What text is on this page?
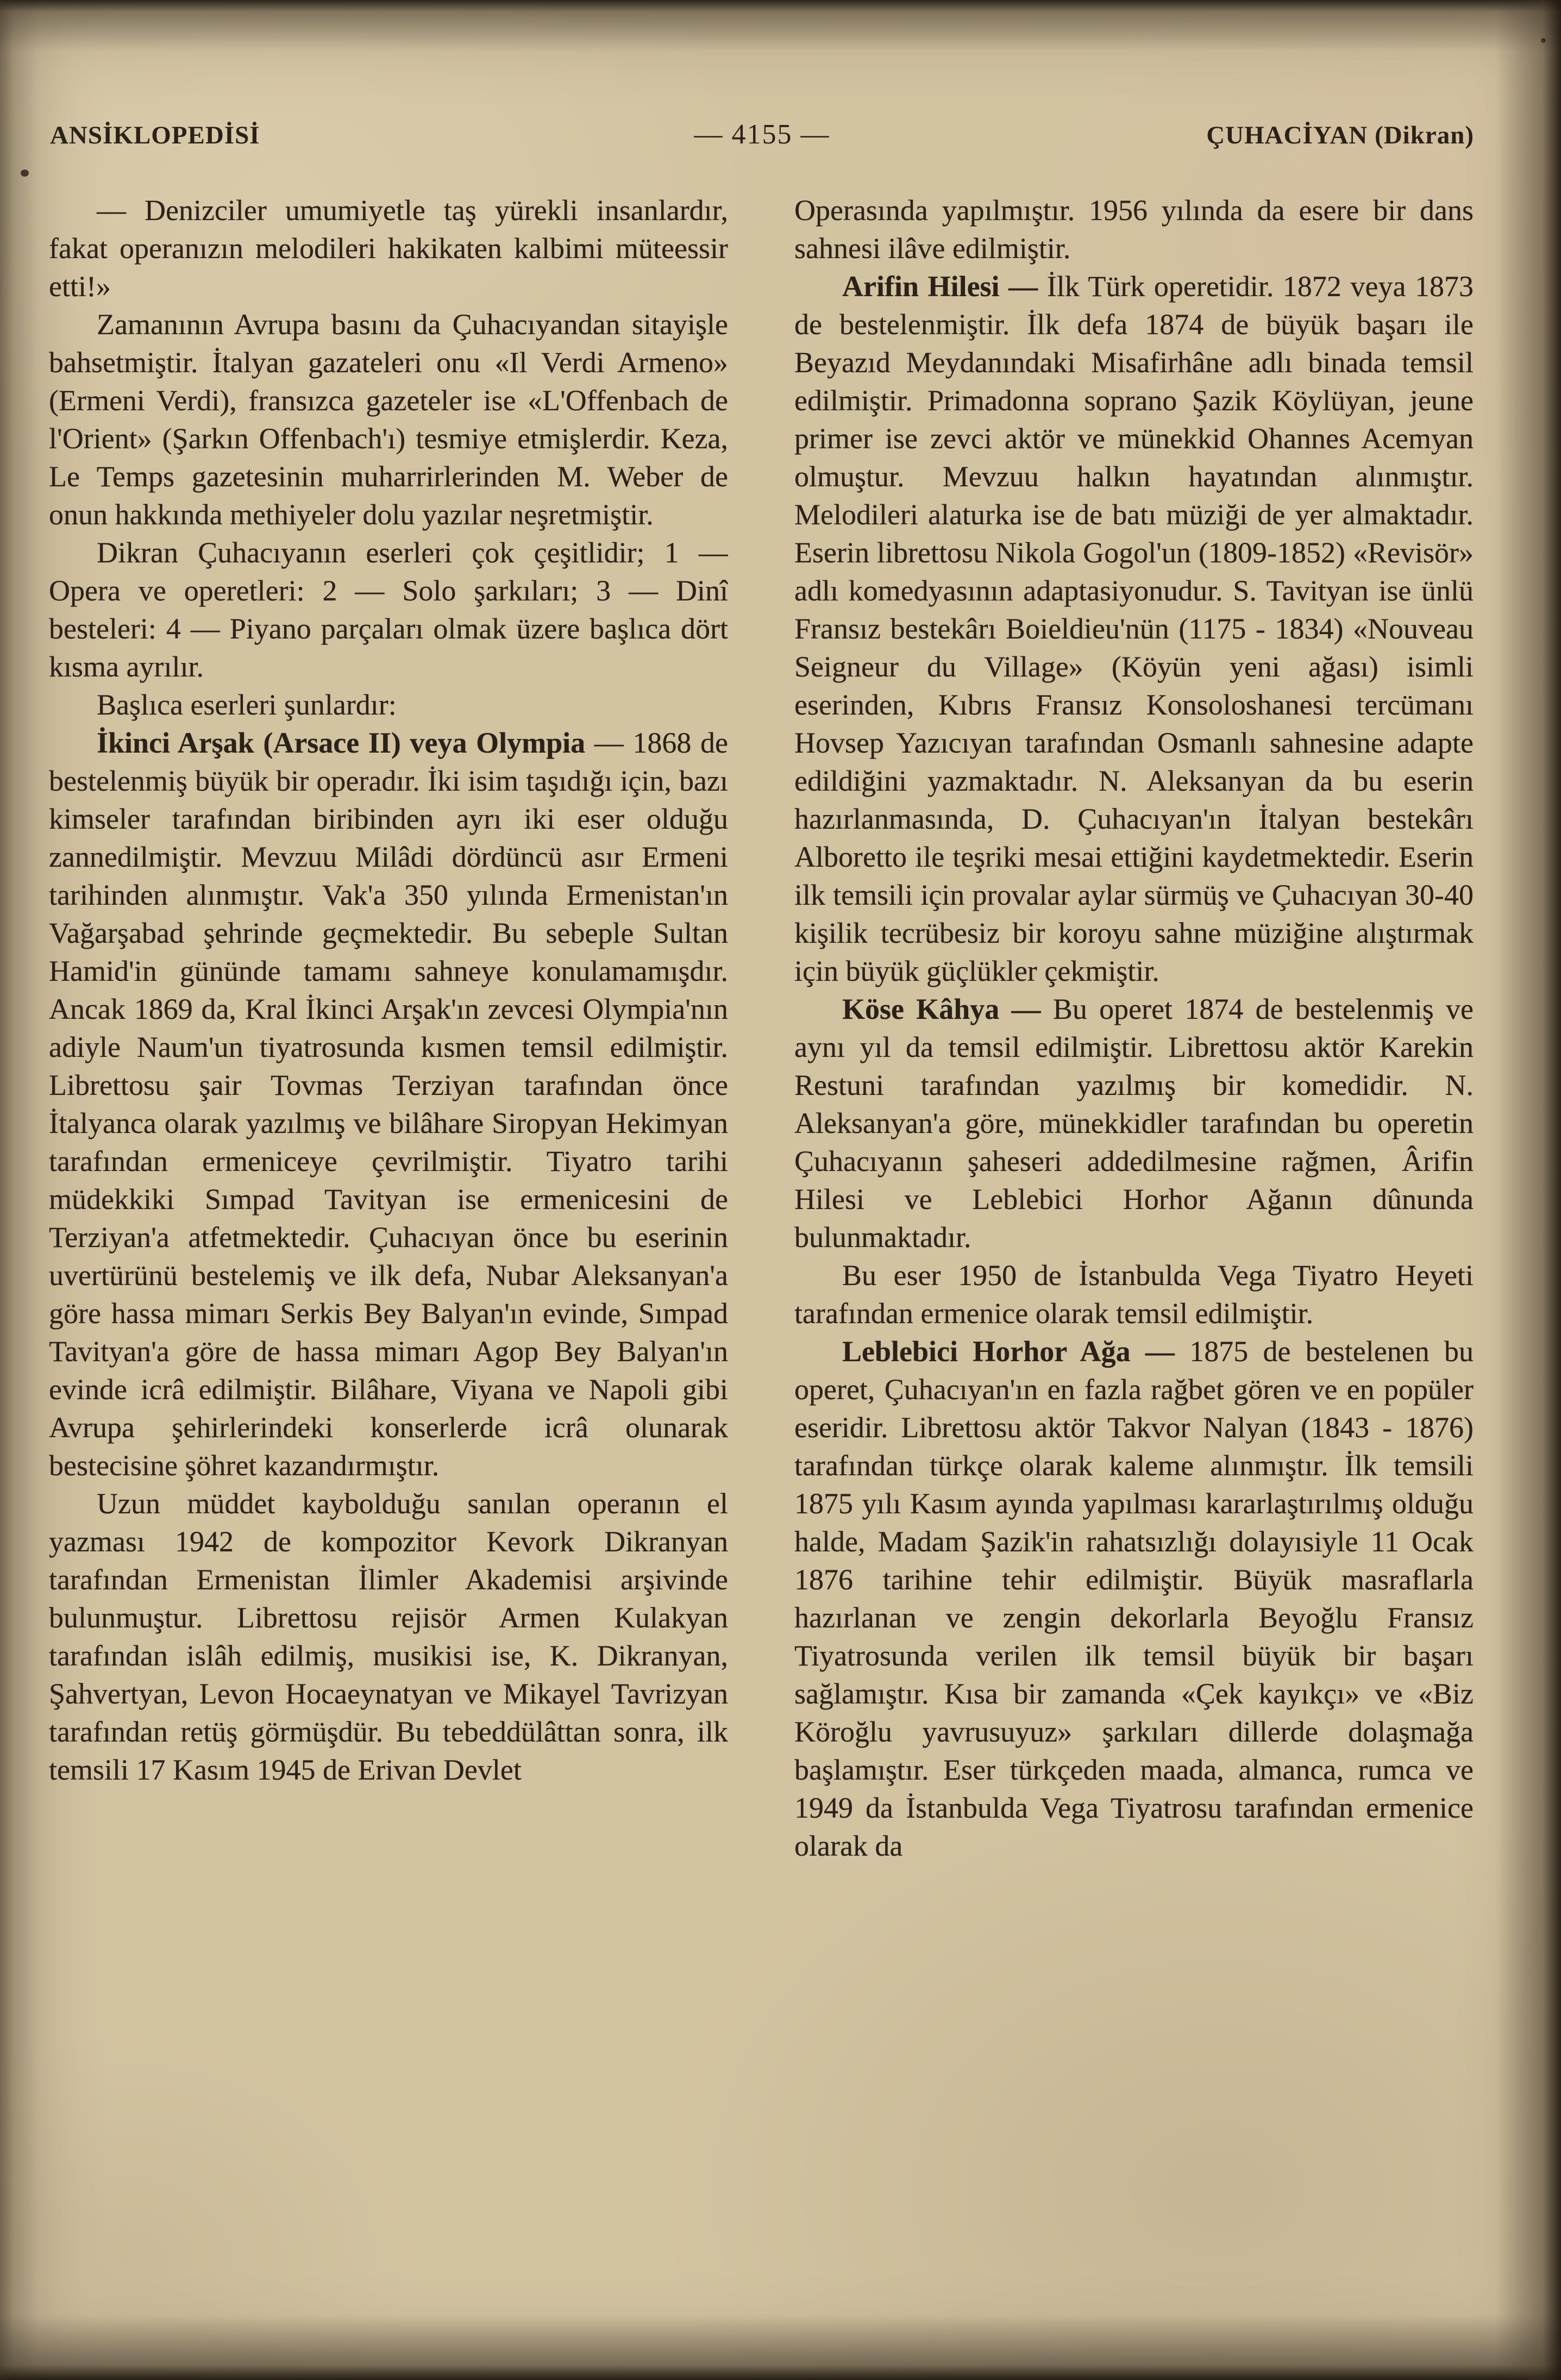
ANSİKLOPEDİSİ	— 4155 —	ÇUHACİYAN (Dikran)

— Denizciler umumiyetle taş yürekli insanlardır, fakat operanızın melodileri hakikaten kalbimi müteessir etti!»

Zamanının Avrupa basını da Çuhacıyandan sitayişle bahsetmiştir. İtalyan gazateleri onu «Il Verdi Armeno» (Ermeni Verdi), fransızca gazeteler ise «L'Offenbach de l'Orient» (Şarkın Offenbach'ı) tesmiye etmişlerdir. Keza, Le Temps gazetesinin muharrirlerinden M. Weber de onun hakkında methiyeler dolu yazılar neşretmiştir.

Dikran Çuhacıyanın eserleri çok çeşitlidir; 1 — Opera ve operetleri: 2 — Solo şarkıları; 3 — Dinî besteleri: 4 — Piyano parçaları olmak üzere başlıca dört kısma ayrılır.

Başlıca eserleri şunlardır:

İkinci Arşak (Arsace II) veya Olympia — 1868 de bestelenmiş büyük bir operadır. İki isim taşıdığı için, bazı kimseler tarafından biribinden ayrı iki eser olduğu zannedilmiştir. Mevzuu Milâdi dördüncü asır Ermeni tarihinden alınmıştır. Vak'a 350 yılında Ermenistan'ın Vağarşabad şehrinde geçmektedir. Bu sebeple Sultan Hamid'in gününde tamamı sahneye konulamamışdır. Ancak 1869 da, Kral İkinci Arşak'ın zevcesi Olympia'nın adiyle Naum'un tiyatrosunda kısmen temsil edilmiştir. Librettosu şair Tovmas Terziyan tarafından önce İtalyanca olarak yazılmış ve bilâhare Siropyan Hekimyan tarafından ermeniceye çevrilmiştir. Tiyatro tarihi müdekkiki Sımpad Tavityan ise ermenicesini de Terziyan'a atfetmektedir. Çuhacıyan önce bu eserinin uvertürünü bestelemiş ve ilk defa, Nubar Aleksanyan'a göre hassa mimarı Serkis Bey Balyan'ın evinde, Sımpad Tavityan'a göre de hassa mimarı Agop Bey Balyan'ın evinde icrâ edilmiştir. Bilâhare, Viyana ve Napoli gibi Avrupa şehirlerindeki konserlerde icrâ olunarak bestecisine şöhret kazandırmıştır.

Uzun müddet kaybolduğu sanılan operanın el yazması 1942 de kompozitor Kevork Dikranyan tarafından Ermenistan İlimler Akademisi arşivinde bulunmuştur. Librettosu rejisör Armen Kulakyan tarafından islâh edilmiş, musikisi ise, K. Dikranyan, Şahvertyan, Levon Hocaeynatyan ve Mikayel Tavrizyan tarafından retüş görmüşdür. Bu tebeddülâttan sonra, ilk temsili 17 Kasım 1945 de Erivan Devlet

Operasında yapılmıştır. 1956 yılında da esere bir dans sahnesi ilâve edilmiştir.

Arifin Hilesi — İlk Türk operetidir. 1872 veya 1873 de bestelenmiştir. İlk defa 1874 de büyük başarı ile Beyazıd Meydanındaki Misafirhâne adlı binada temsil edilmiştir. Primadonna soprano Şazik Köylüyan, jeune primer ise zevci aktör ve münekkid Ohannes Acemyan olmuştur. Mevzuu halkın hayatından alınmıştır. Melodileri alaturka ise de batı müziği de yer almaktadır. Eserin librettosu Nikola Gogol'un (1809-1852) «Revisör» adlı komedyasının adaptasiyonudur. S. Tavityan ise ünlü Fransız bestekârı Boieldieu'nün (1175 - 1834) «Nouveau Seigneur du Village» (Köyün yeni ağası) isimli eserinden, Kıbrıs Fransız Konsoloshanesi tercümanı Hovsep Yazıcıyan tarafından Osmanlı sahnesine adapte edildiğini yazmaktadır. N. Aleksanyan da bu eserin hazırlanmasında, D. Çuhacıyan'ın İtalyan bestekârı Alboretto ile teşriki mesai ettiğini kaydetmektedir. Eserin ilk temsili için provalar aylar sürmüş ve Çuhacıyan 30-40 kişilik tecrübesiz bir koroyu sahne müziğine alıştırmak için büyük güçlükler çekmiştir.

Köse Kâhya — Bu operet 1874 de bestelenmiş ve aynı yıl da temsil edilmiştir. Librettosu aktör Karekin Restuni tarafından yazılmış bir komedidir. N. Aleksanyan'a göre, münekkidler tarafından bu operetin Çuhacıyanın şaheseri addedilmesine rağmen, Ârifin Hilesi ve Leblebici Horhor Ağanın dûnunda bulunmaktadır.

Bu eser 1950 de İstanbulda Vega Tiyatro Heyeti tarafından ermenice olarak temsil edilmiştir.

Leblebici Horhor Ağa — 1875 de bestelenen bu operet, Çuhacıyan'ın en fazla rağbet gören ve en popüler eseridir. Librettosu aktör Takvor Nalyan (1843 - 1876) tarafından türkçe olarak kaleme alınmıştır. İlk temsili 1875 yılı Kasım ayında yapılması kararlaştırılmış olduğu halde, Madam Şazik'in rahatsızlığı dolayısiyle 11 Ocak 1876 tarihine tehir edilmiştir. Büyük masraflarla hazırlanan ve zengin dekorlarla Beyoğlu Fransız Tiyatrosunda verilen ilk temsil büyük bir başarı sağlamıştır. Kısa bir zamanda «Çek kayıkçı» ve «Biz Köroğlu yavrusuyuz» şarkıları dillerde dolaşmağa başlamıştır. Eser türkçeden maada, almanca, rumca ve 1949 da İstanbulda Vega Tiyatrosu tarafından ermenice olarak da
